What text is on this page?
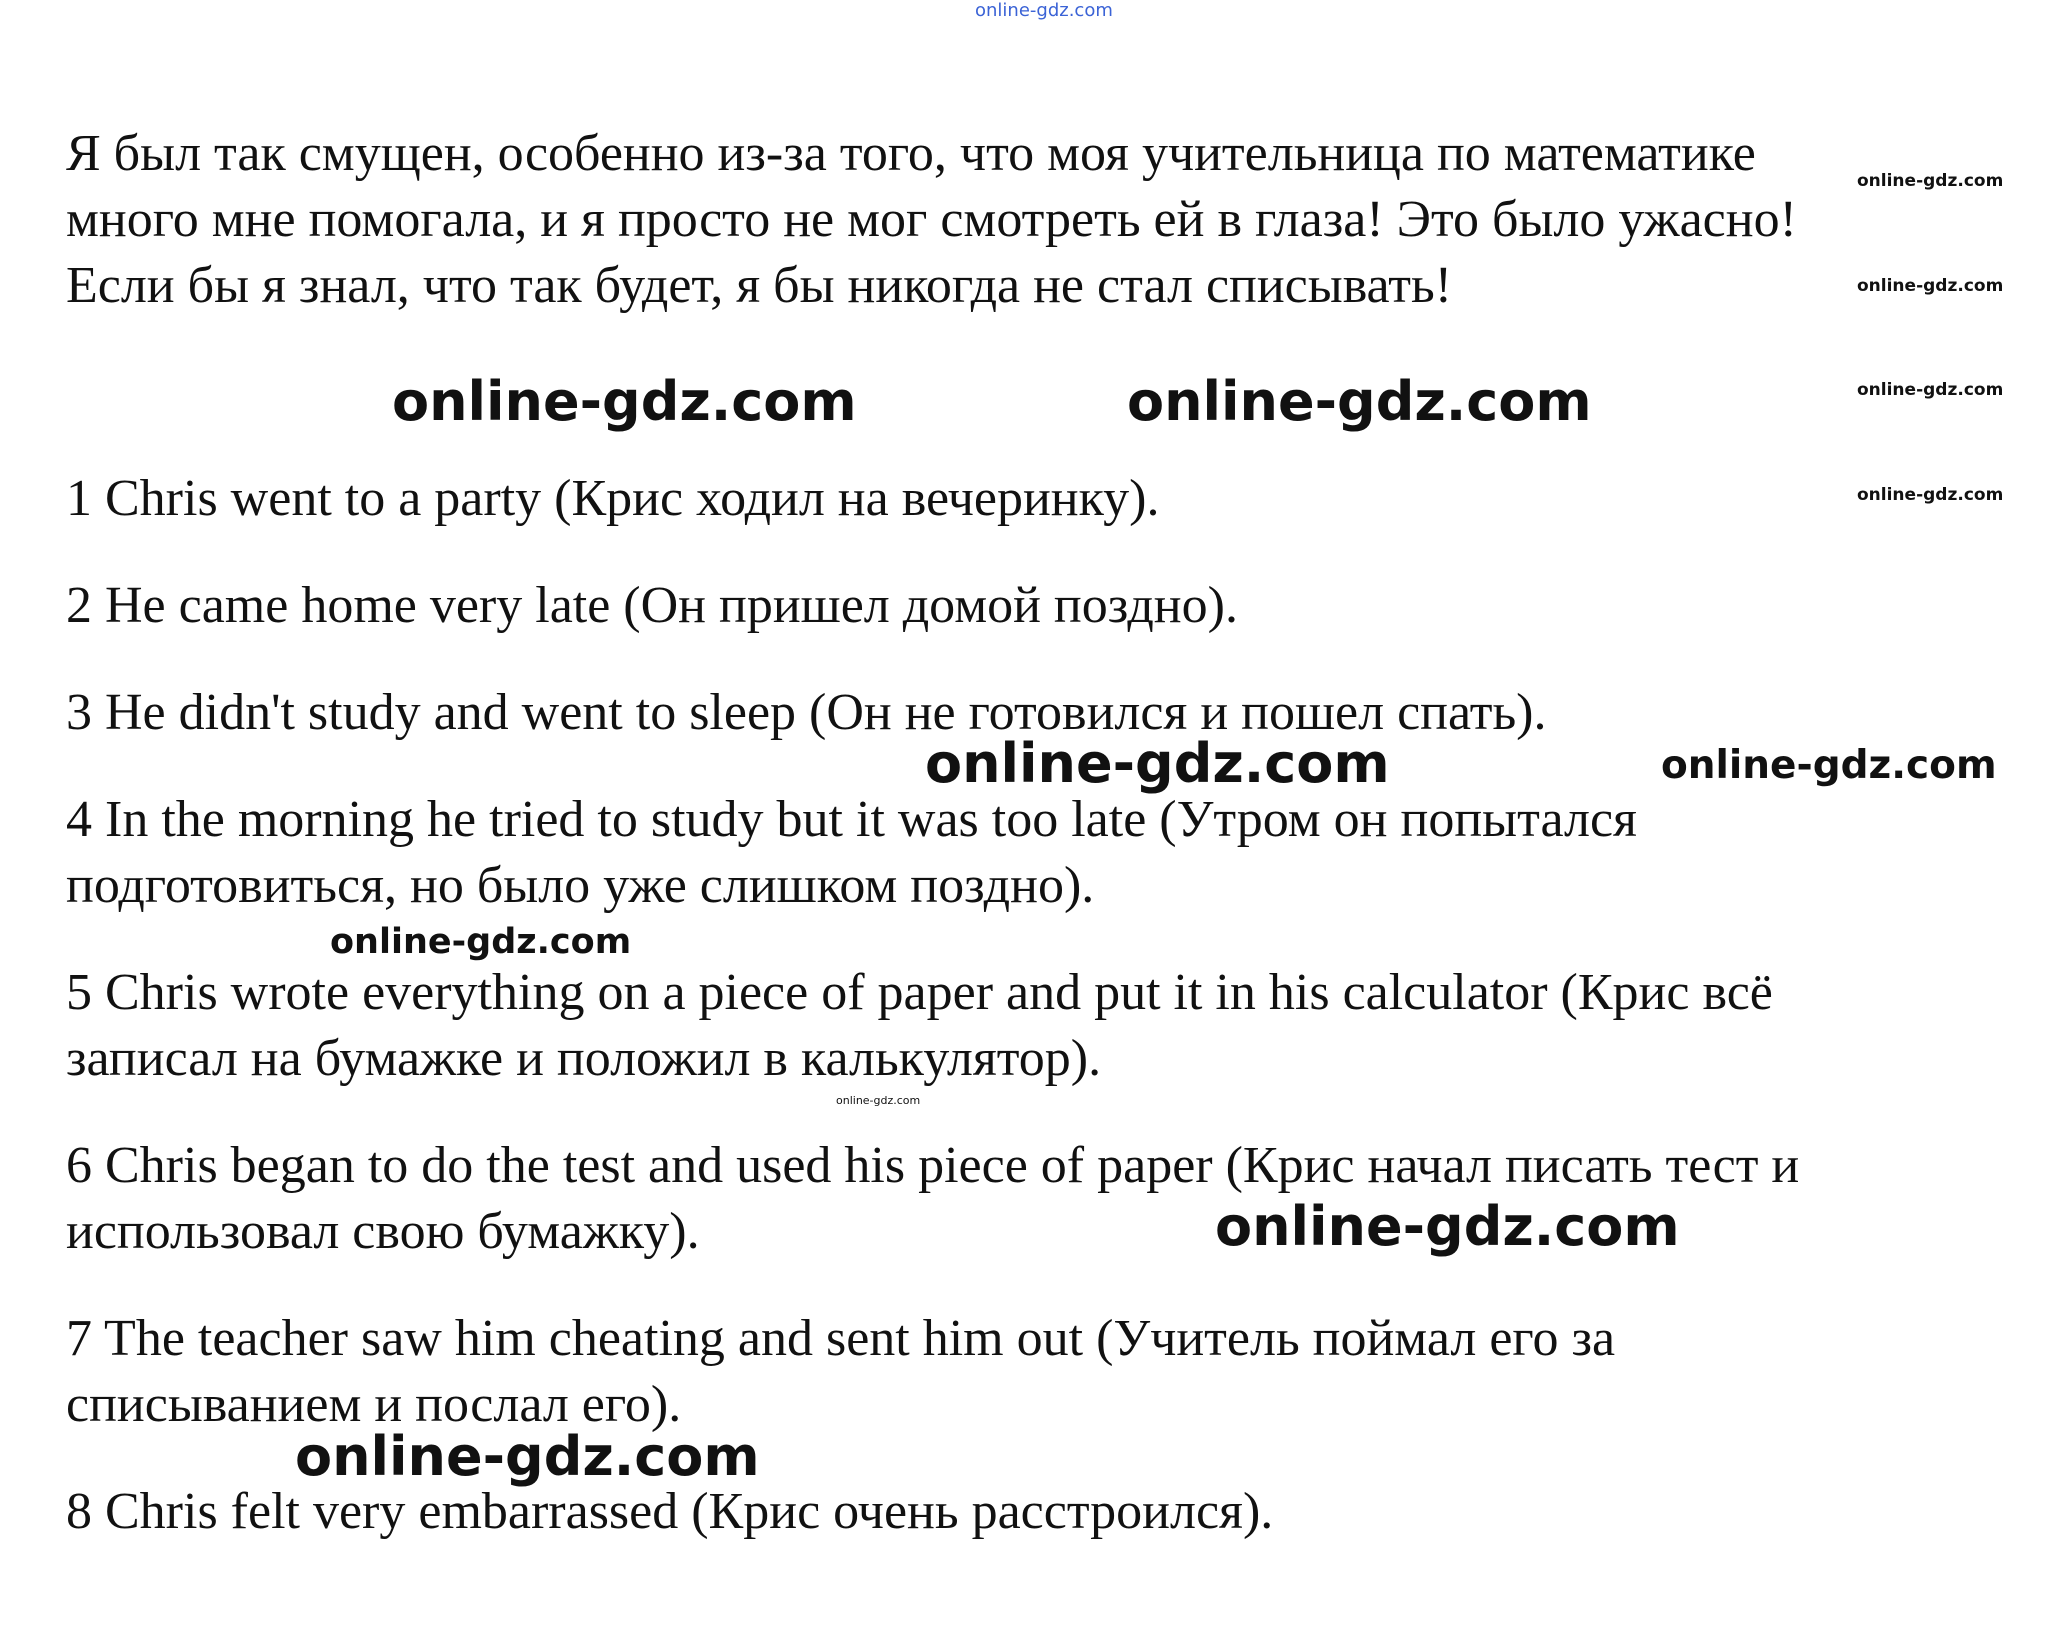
Я был так смущен, особенно из-за того, что моя учительница по математике

много мне помогала, и я просто не мог смотреть ей в глаза! Это было ужасно!

Если бы я знал, что так будет, я бы никогда не стал списывать!

1 Chris went to a party (Крис ходил на вечеринку).

2 He came home very late (Он пришел домой поздно).

3 He didn't study and went to sleep (Он не готовился и пошел спать).

4 In the morning he tried to study but it was too late (Утром он попытался

подготовиться, но было уже слишком поздно).

5 Chris wrote everything on a piece of paper and put it in his calculator (Крис всё

записал на бумажке и положил в калькулятор).

6 Chris began to do the test and used his piece of paper (Крис начал писать тест и

использовал свою бумажку).

7 The teacher saw him cheating and sent him out (Учитель поймал его за

списыванием и послал его).

8 Chris felt very embarrassed (Крис очень расстроился).

online-gdz.com
online-gdz.com
online-gdz.com
online-gdz.com
online-gdz.com
online-gdz.com	online-gdz.com
online-gdz.com	online-gdz.com
online-gdz.com
online-gdz.com
online-gdz.com
online-gdz.com
